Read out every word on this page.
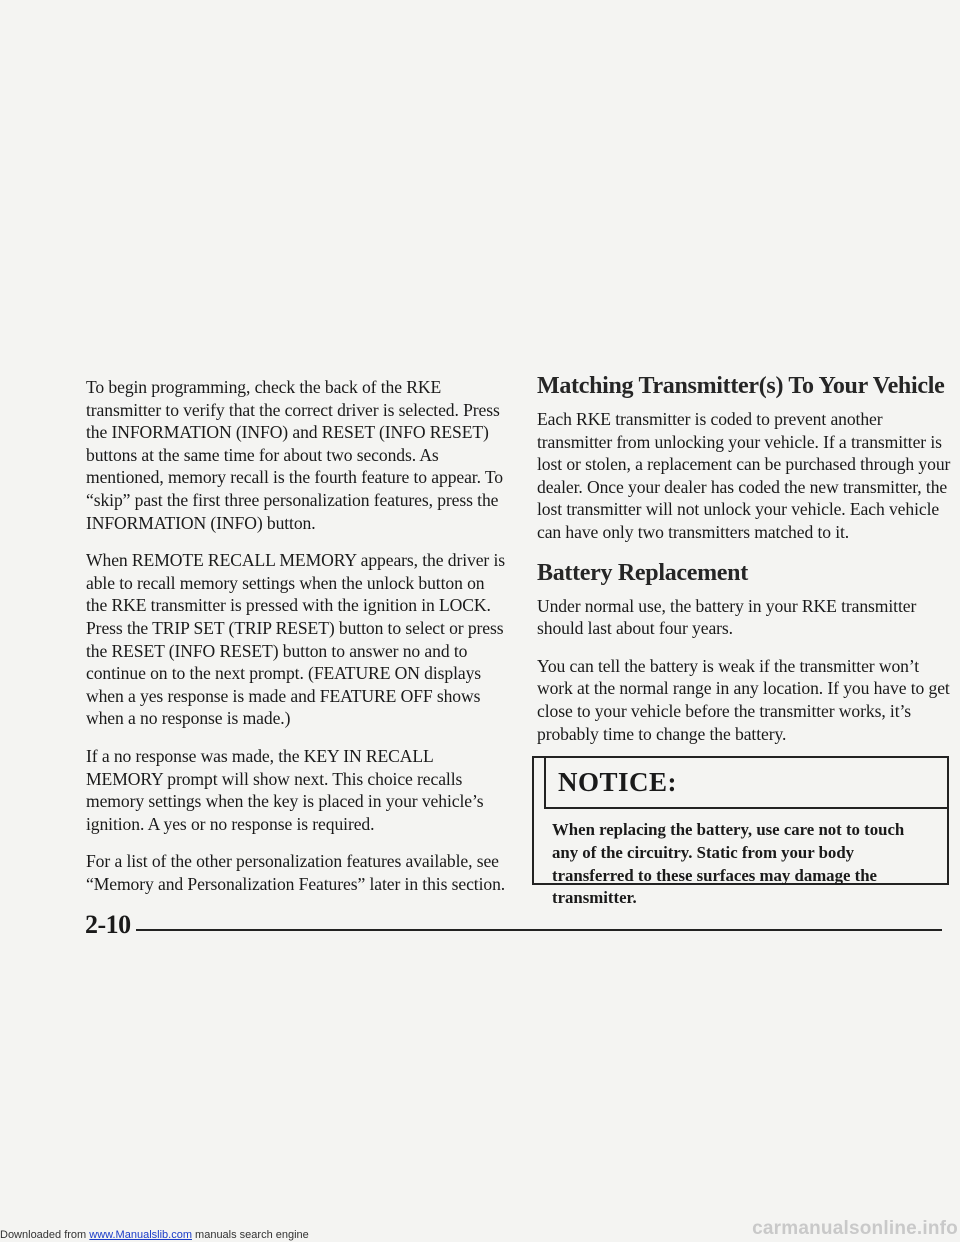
To begin programming, check the back of the RKE transmitter to verify that the correct driver is selected. Press the INFORMATION (INFO) and RESET (INFO RESET) buttons at the same time for about two seconds. As mentioned, memory recall is the fourth feature to appear. To “skip” past the first three personalization features, press the INFORMATION (INFO) button.

When REMOTE RECALL MEMORY appears, the driver is able to recall memory settings when the unlock button on the RKE transmitter is pressed with the ignition in LOCK. Press the TRIP SET (TRIP RESET) button to select or press the RESET (INFO RESET) button to answer no and to continue on to the next prompt. (FEATURE ON displays when a yes response is made and FEATURE OFF shows when a no response is made.)

If a no response was made, the KEY IN RECALL MEMORY prompt will show next. This choice recalls memory settings when the key is placed in your vehicle’s ignition. A yes or no response is required.

For a list of the other personalization features available, see “Memory and Personalization Features” later in this section.

Matching Transmitter(s) To Your Vehicle

Each RKE transmitter is coded to prevent another transmitter from unlocking your vehicle. If a transmitter is lost or stolen, a replacement can be purchased through your dealer. Once your dealer has coded the new transmitter, the lost transmitter will not unlock your vehicle. Each vehicle can have only two transmitters matched to it.

Battery Replacement

Under normal use, the battery in your RKE transmitter should last about four years.

You can tell the battery is weak if the transmitter won’t work at the normal range in any location. If you have to get close to your vehicle before the transmitter works, it’s probably time to change the battery.

NOTICE:
When replacing the battery, use care not to touch any of the circuitry. Static from your body transferred to these surfaces may damage the transmitter.
2-10
Downloaded from www.Manualslib.com manuals search engine	carmanualsonline.info
